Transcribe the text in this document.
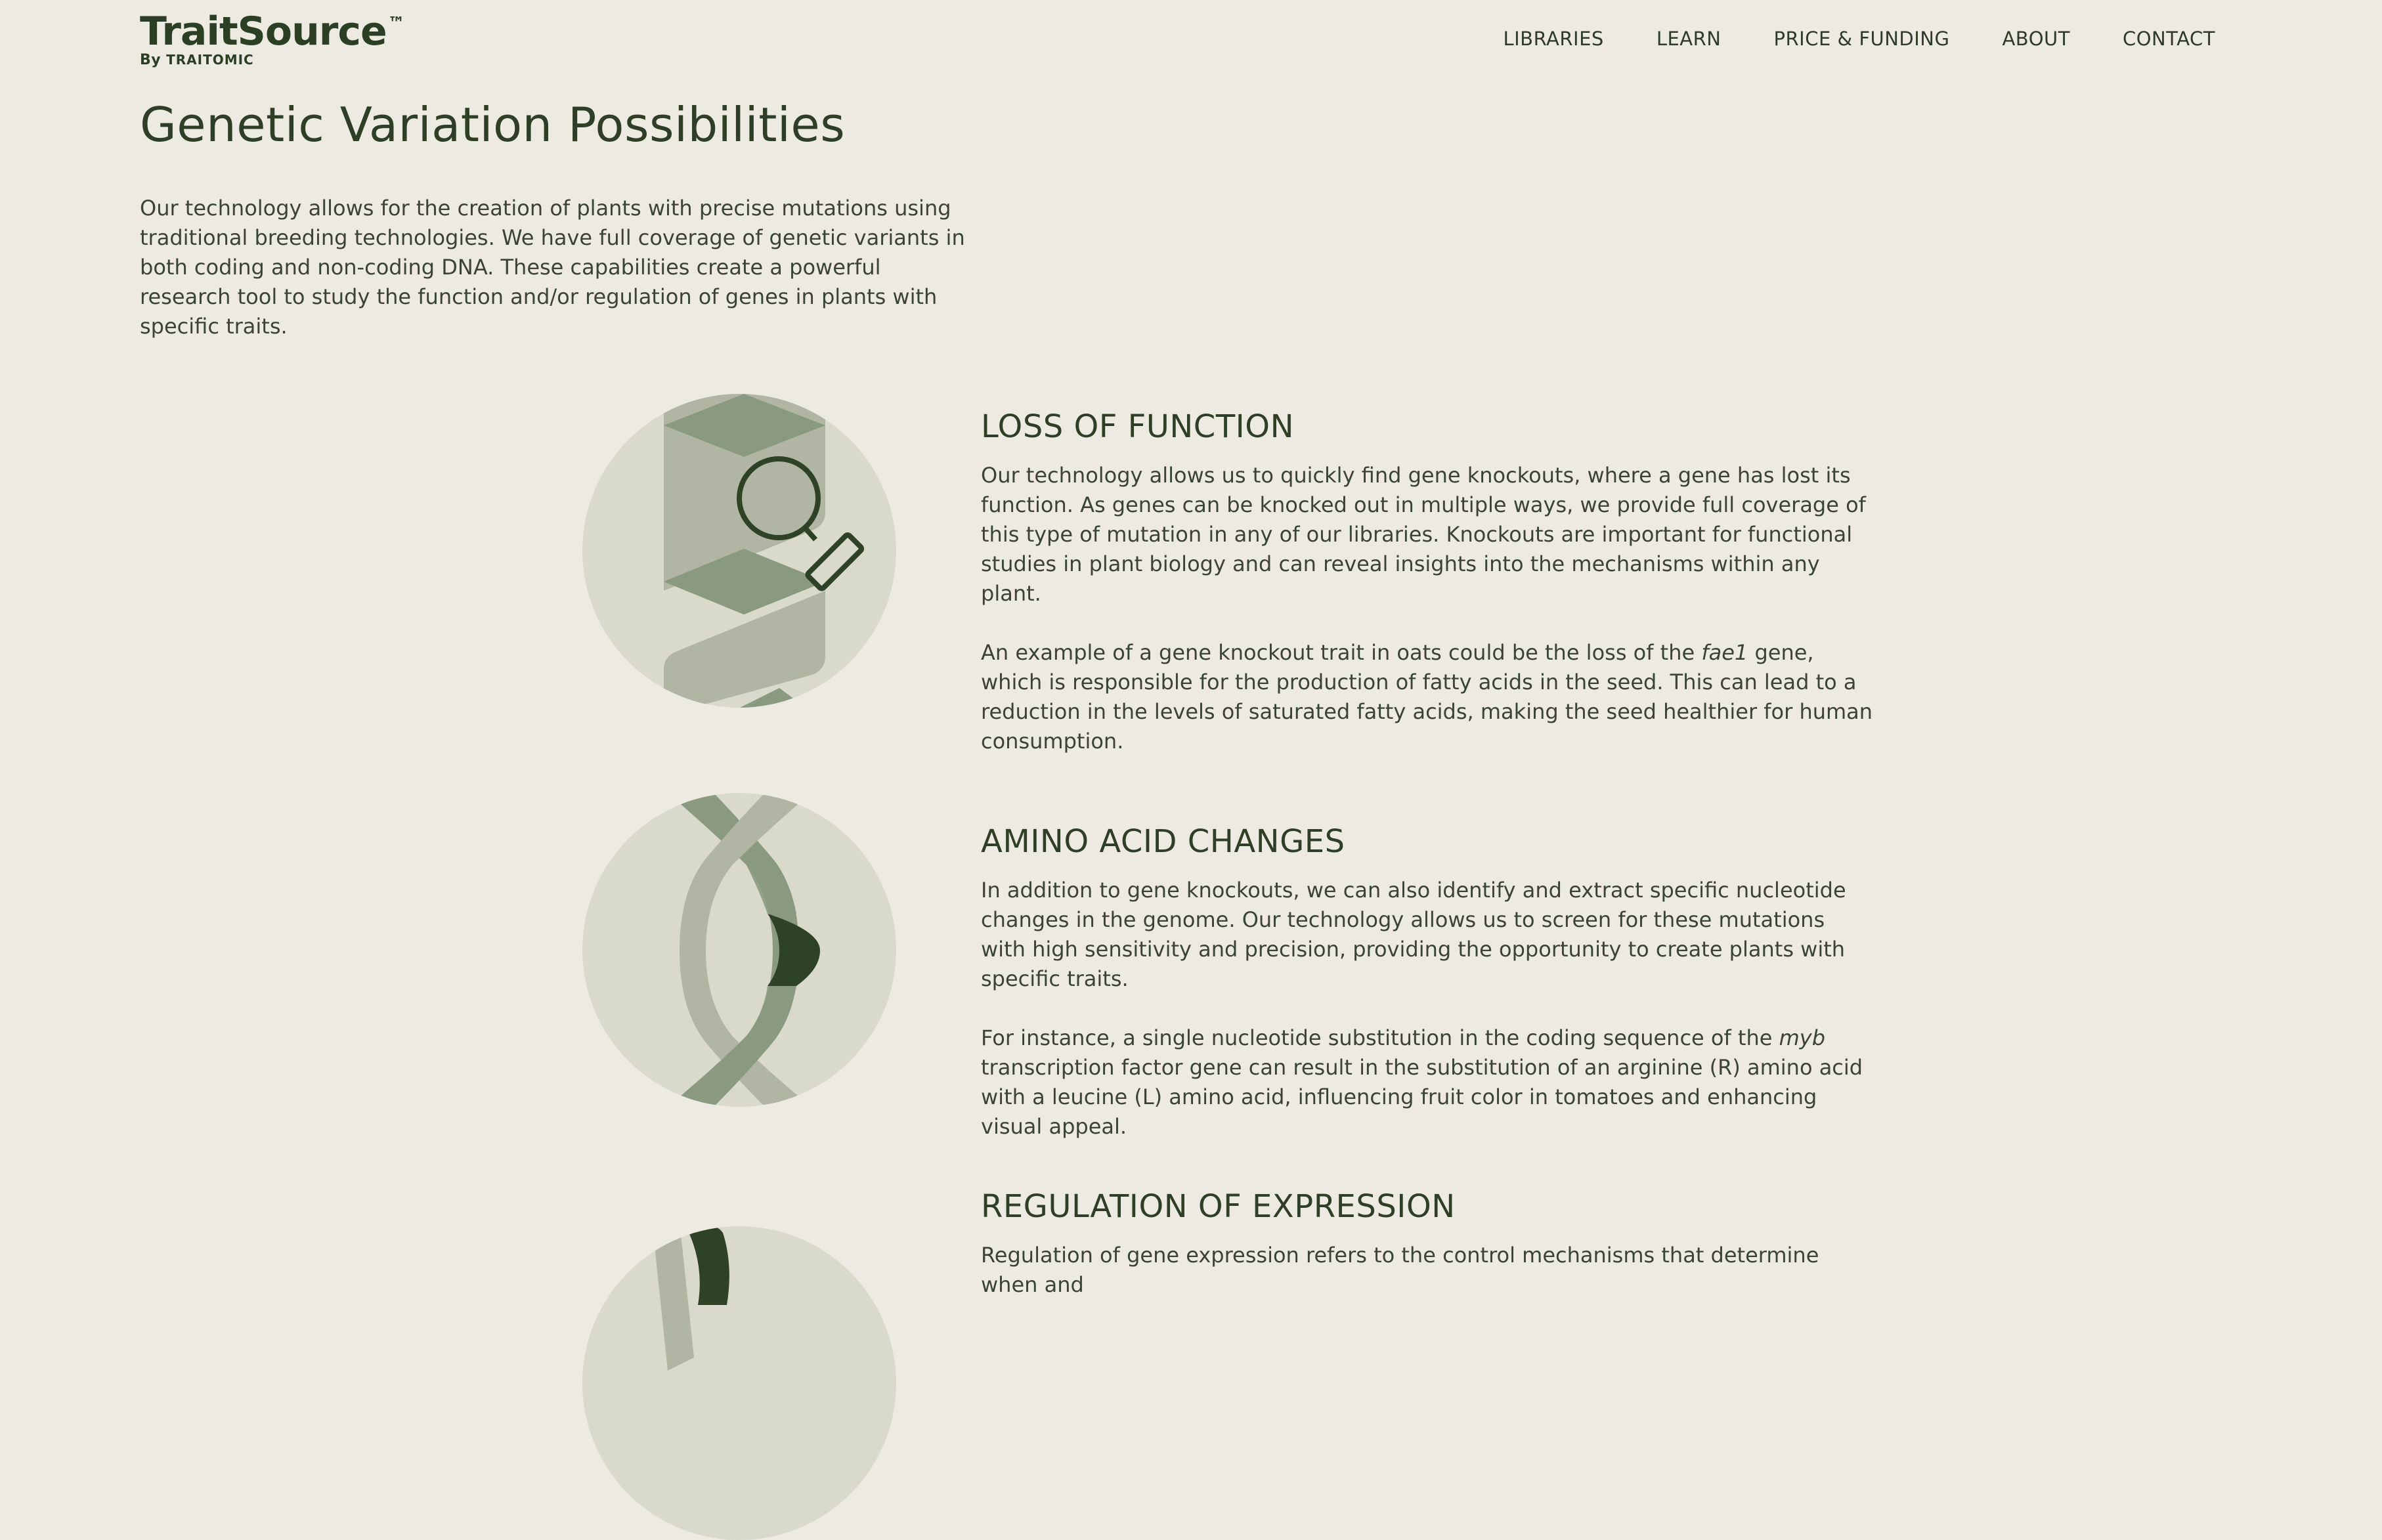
TraitSource™
By TRAITOMIC
LIBRARIES	LEARN	PRICE & FUNDING	ABOUT	CONTACT
Genetic Variation Possibilities

Our technology allows for the creation of plants with precise mutations using traditional breeding technologies. We have full coverage of genetic variants in both coding and non-coding DNA. These capabilities create a powerful research tool to study the function and/or regulation of genes in plants with specific traits.

LOSS OF FUNCTION

Our technology allows us to quickly find gene knockouts, where a gene has lost its function. As genes can be knocked out in multiple ways, we provide full coverage of this type of mutation in any of our libraries. Knockouts are important for functional studies in plant biology and can reveal insights into the mechanisms within any plant.

An example of a gene knockout trait in oats could be the loss of the fae1 gene, which is responsible for the production of fatty acids in the seed. This can lead to a reduction in the levels of saturated fatty acids, making the seed healthier for human consumption.

AMINO ACID CHANGES

In addition to gene knockouts, we can also identify and extract specific nucleotide changes in the genome. Our technology allows us to screen for these mutations with high sensitivity and precision, providing the opportunity to create plants with specific traits.

For instance, a single nucleotide substitution in the coding sequence of the myb transcription factor gene can result in the substitution of an arginine (R) amino acid with a leucine (L) amino acid, influencing fruit color in tomatoes and enhancing visual appeal.

REGULATION OF EXPRESSION

Regulation of gene expression refers to the control mechanisms that determine when and
